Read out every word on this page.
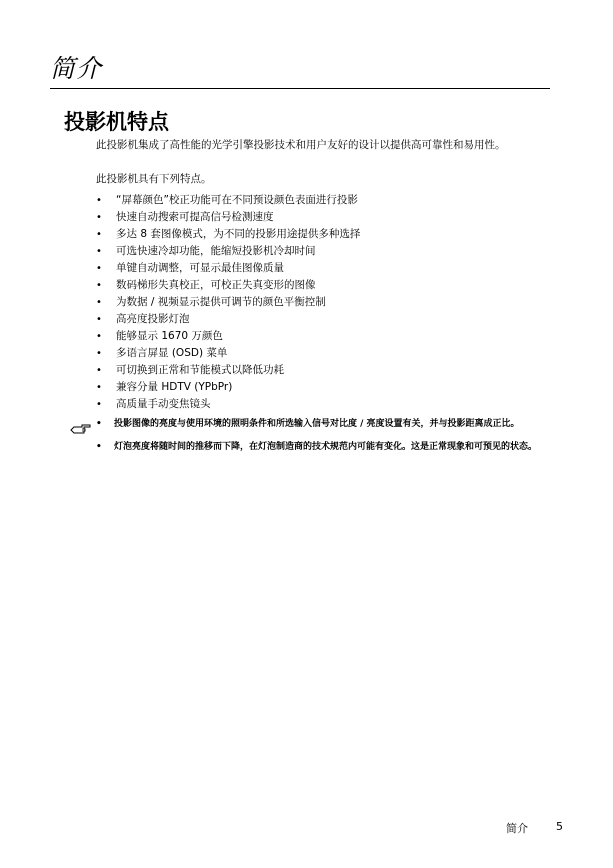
简介
投影机特点
此投影机集成了高性能的光学引擎投影技术和用户友好的设计以提供高可靠性和易用性。
此投影机具有下列特点。
• “屏幕颜色”校正功能可在不同预设颜色表面进行投影
• 快速自动搜索可提高信号检测速度
• 多达 8 套图像模式，为不同的投影用途提供多种选择
• 可选快速冷却功能，能缩短投影机冷却时间
• 单键自动调整，可显示最佳图像质量
• 数码梯形失真校正，可校正失真变形的图像
• 为数据 / 视频显示提供可调节的颜色平衡控制
• 高亮度投影灯泡
• 能够显示 1670 万颜色
• 多语言屏显 (OSD) 菜单
• 可切换到正常和节能模式以降低功耗
• 兼容分量 HDTV (YPbPr)
• 高质量手动变焦镜头
• 投影图像的亮度与使用环境的照明条件和所选输入信号对比度 / 亮度设置有关，并与投影距离成正比。
• 灯泡亮度将随时间的推移而下降，在灯泡制造商的技术规范内可能有变化。这是正常现象和可预见的状态。
简介	5
